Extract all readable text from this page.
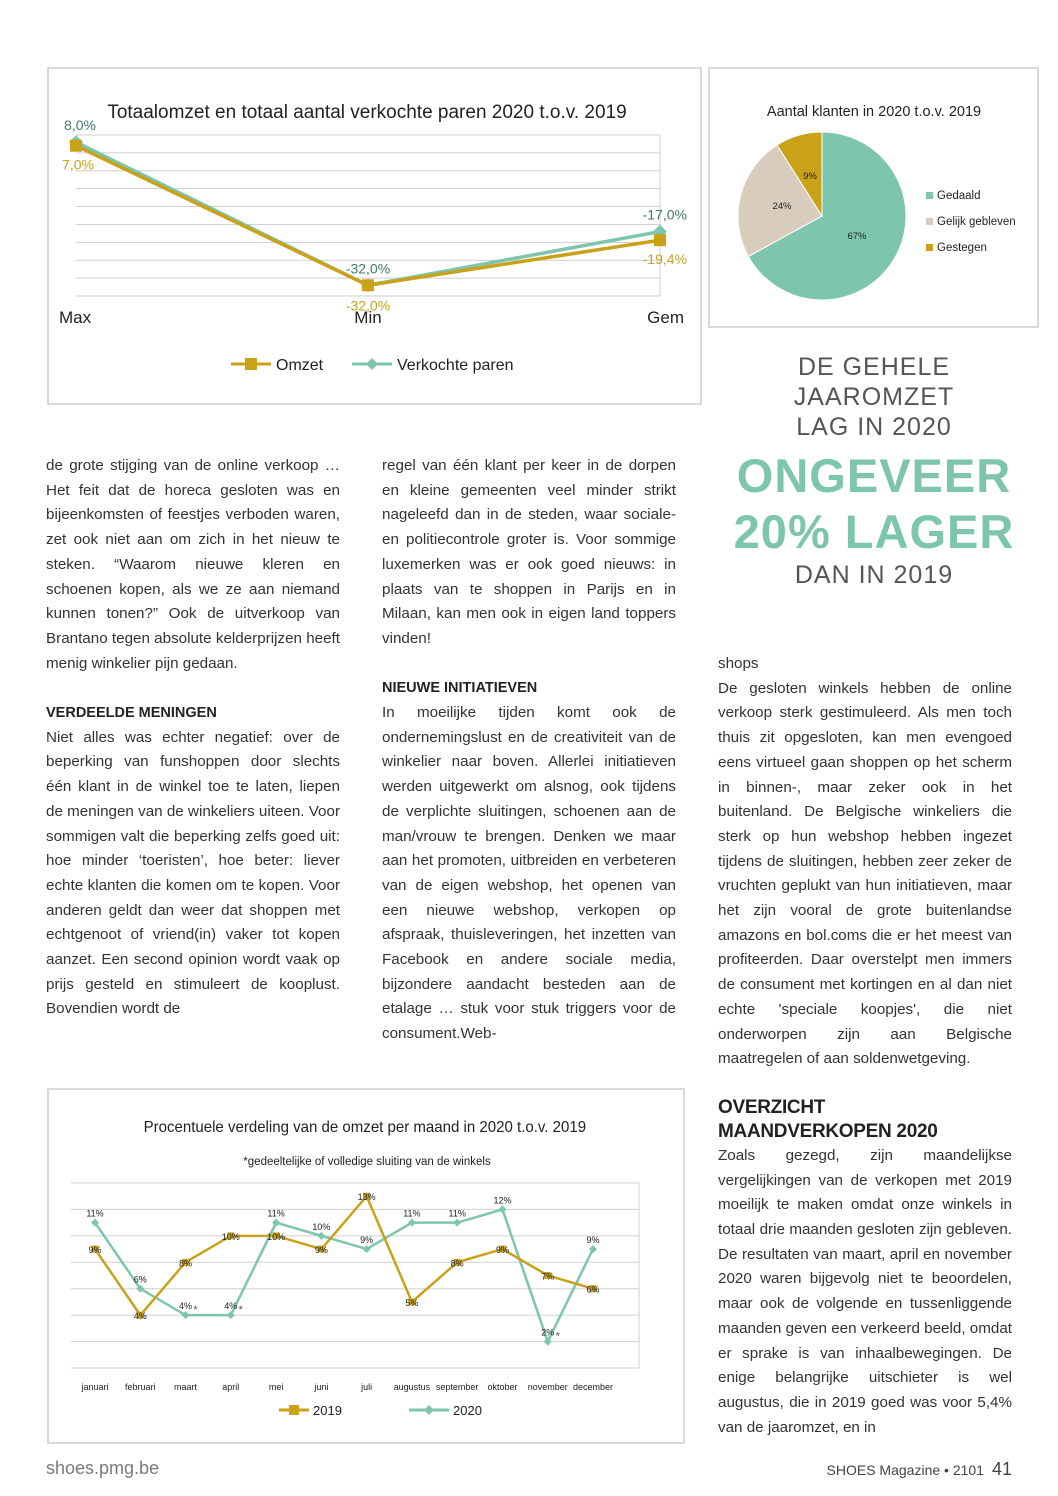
Totaalomzet en totaal aantal verkochte paren 2020 t.o.v. 2019
7,0%
-32,0%
-19,4%
8,0%
-32,0%
-17,0%
Max	Min	Gem
Omzet	Verkochte paren
Aantal klanten in 2020 t.o.v. 2019
67%
24%
9%
Gedaald
Gelijk gebleven
Gestegen
DE GEHELE
JAAROMZET
LAG IN 2020
ONGEVEER
20% LAGER
DAN IN 2019

de grote stijging van de online verkoop … Het feit dat de horeca gesloten was en bijeenkomsten of feestjes verboden waren, zet ook niet aan om zich in het nieuw te steken. “Waarom nieuwe kleren en schoenen kopen, als we ze aan niemand kunnen tonen?” Ook de uitverkoop van Brantano tegen absolute kelderprijzen heeft menig winkelier pijn gedaan.

VERDEELDE MENINGEN

Niet alles was echter negatief: over de beperking van funshoppen door slechts één klant in de winkel toe te laten, liepen de meningen van de winkeliers uiteen. Voor sommigen valt die beperking zelfs goed uit: hoe minder ‘toeristen’, hoe beter: liever echte klanten die komen om te kopen. Voor anderen geldt dan weer dat shoppen met echtgenoot of vriend(in) vaker tot kopen aanzet. Een second opinion wordt vaak op prijs gesteld en stimuleert de kooplust. Bovendien wordt de

regel van één klant per keer in de dorpen en kleine gemeenten veel minder strikt nageleefd dan in de steden, waar sociale- en politiecontrole groter is. Voor sommige luxemerken was er ook goed nieuws: in plaats van te shoppen in Parijs en in Milaan, kan men ook in eigen land toppers vinden!

NIEUWE INITIATIEVEN

In moeilijke tijden komt ook de ondernemingslust en de creativiteit van de winkelier naar boven. Allerlei initiatieven werden uitgewerkt om alsnog, ook tijdens de verplichte sluitingen, schoenen aan de man/vrouw te brengen. Denken we maar aan het promoten, uitbreiden en verbeteren van de eigen webshop, het openen van een nieuwe webshop, verkopen op afspraak, thuisleveringen, het inzetten van Facebook en andere sociale media, bijzondere aandacht besteden aan de etalage … stuk voor stuk triggers voor de consument.Web-

shops

De gesloten winkels hebben de online verkoop sterk gestimuleerd. Als men toch thuis zit opgesloten, kan men evengoed eens virtueel gaan shoppen op het scherm in binnen-, maar zeker ook in het buitenland. De Belgische winkeliers die sterk op hun webshop hebben ingezet tijdens de sluitingen, hebben zeer zeker de vruchten geplukt van hun initiatieven, maar het zijn vooral de grote buitenlandse amazons en bol.coms die er het meest van profiteerden. Daar overstelpt men immers de consument met kortingen en al dan niet echte 'speciale koopjes', die niet onderworpen zijn aan Belgische maatregelen of aan soldenwetgeving.

OVERZICHT
MAANDVERKOPEN 2020

Zoals gezegd, zijn maandelijkse vergelijkingen van de verkopen met 2019 moeilijk te maken omdat onze winkels in totaal drie maanden gesloten zijn gebleven. De resultaten van maart, april en november 2020 waren bijgevolg niet te beoordelen, maar ook de volgende en tussenliggende maanden geven een verkeerd beeld, omdat er sprake is van inhaalbewegingen. De enige belangrijke uitschieter is wel augustus, die in 2019 goed was voor 5,4% van de jaaromzet, en in

Procentuele verdeling van de omzet per maand in 2020 t.o.v. 2019
*gedeeltelijke of volledige sluiting van de winkels
9%
4%
8%
10%	10%
9%
13%
5%
8%
9%
7%
6%
11%
6%
4%	4%
11%
10%
9%
11%	11%
12%
2%
9%
*	*
*
januari februari maart	april	mei	juni	juli augustus september oktober november december
2019	2020
shoes.pmg.be	SHOES Magazine • 2101 41
